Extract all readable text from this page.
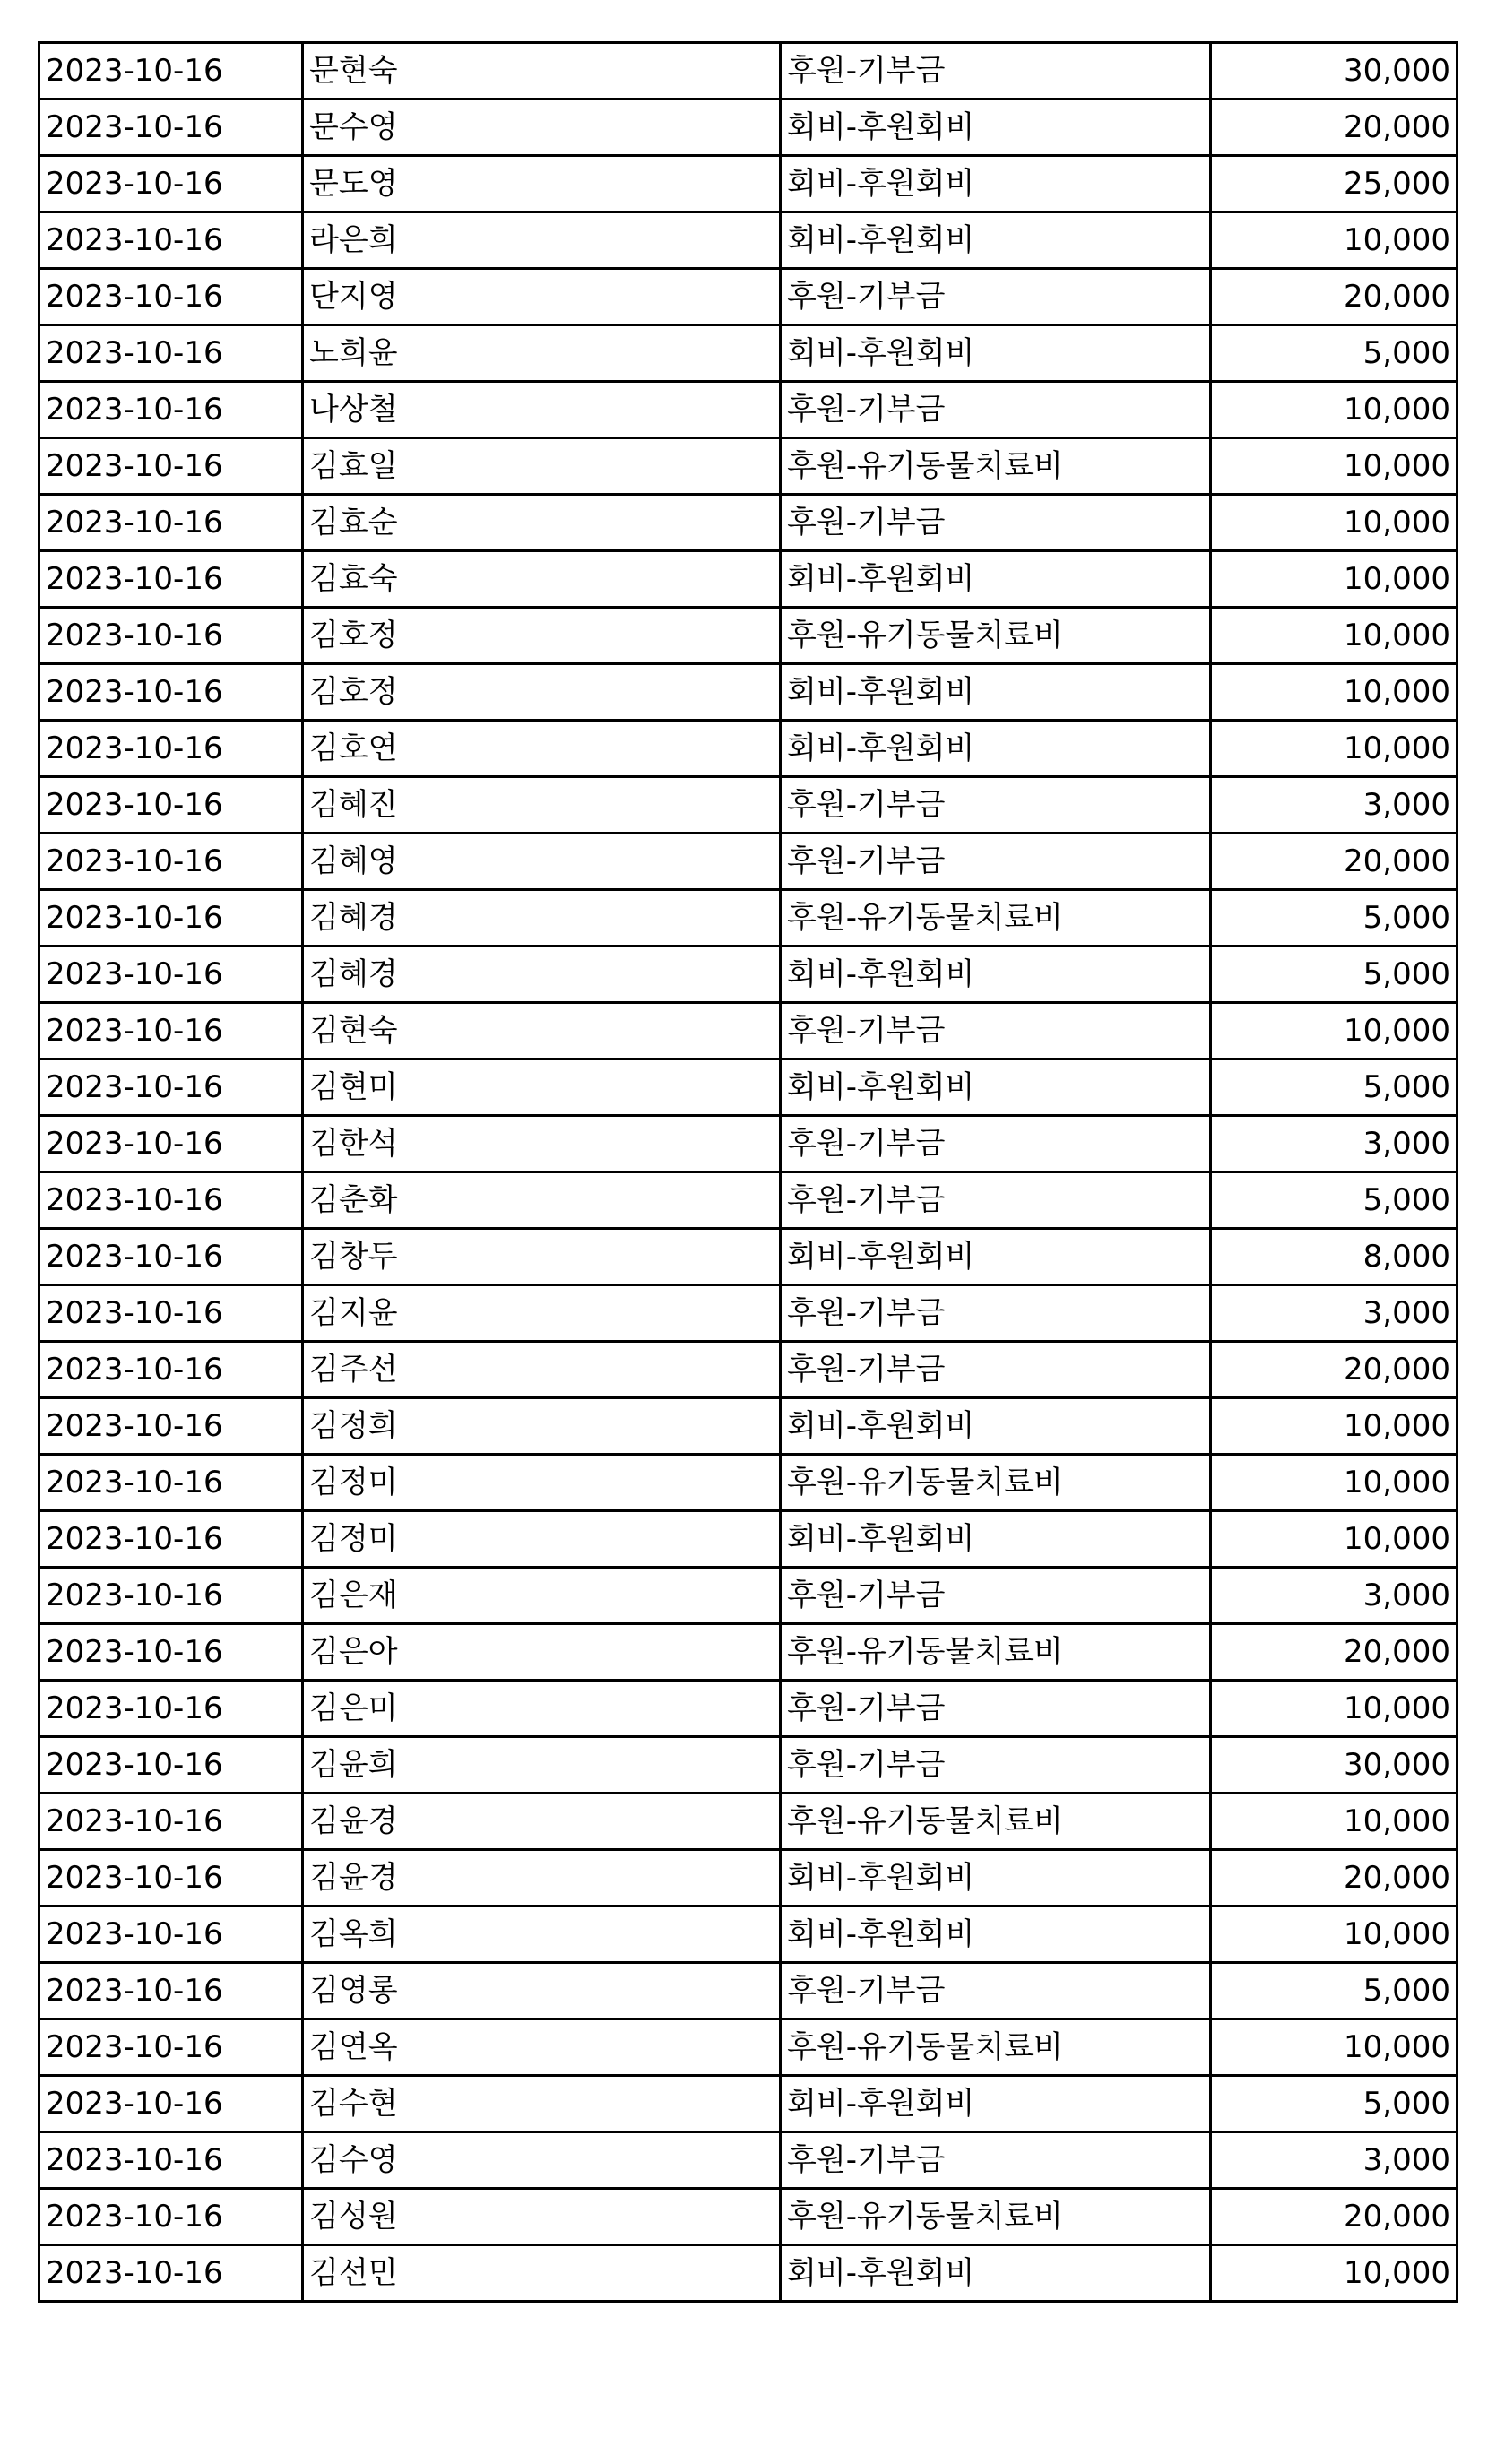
2023-10-16	문현숙	후원-기부금	30,000
2023-10-16	문수영	회비-후원회비	20,000
2023-10-16	문도영	회비-후원회비	25,000
2023-10-16	라은희	회비-후원회비	10,000
2023-10-16	단지영	후원-기부금	20,000
2023-10-16	노희윤	회비-후원회비	5,000
2023-10-16	나상철	후원-기부금	10,000
2023-10-16	김효일	후원-유기동물치료비	10,000
2023-10-16	김효순	후원-기부금	10,000
2023-10-16	김효숙	회비-후원회비	10,000
2023-10-16	김호정	후원-유기동물치료비	10,000
2023-10-16	김호정	회비-후원회비	10,000
2023-10-16	김호연	회비-후원회비	10,000
2023-10-16	김혜진	후원-기부금	3,000
2023-10-16	김혜영	후원-기부금	20,000
2023-10-16	김혜경	후원-유기동물치료비	5,000
2023-10-16	김혜경	회비-후원회비	5,000
2023-10-16	김현숙	후원-기부금	10,000
2023-10-16	김현미	회비-후원회비	5,000
2023-10-16	김한석	후원-기부금	3,000
2023-10-16	김춘화	후원-기부금	5,000
2023-10-16	김창두	회비-후원회비	8,000
2023-10-16	김지윤	후원-기부금	3,000
2023-10-16	김주선	후원-기부금	20,000
2023-10-16	김정희	회비-후원회비	10,000
2023-10-16	김정미	후원-유기동물치료비	10,000
2023-10-16	김정미	회비-후원회비	10,000
2023-10-16	김은재	후원-기부금	3,000
2023-10-16	김은아	후원-유기동물치료비	20,000
2023-10-16	김은미	후원-기부금	10,000
2023-10-16	김윤희	후원-기부금	30,000
2023-10-16	김윤경	후원-유기동물치료비	10,000
2023-10-16	김윤경	회비-후원회비	20,000
2023-10-16	김옥희	회비-후원회비	10,000
2023-10-16	김영롱	후원-기부금	5,000
2023-10-16	김연옥	후원-유기동물치료비	10,000
2023-10-16	김수현	회비-후원회비	5,000
2023-10-16	김수영	후원-기부금	3,000
2023-10-16	김성원	후원-유기동물치료비	20,000
2023-10-16	김선민	회비-후원회비	10,000
